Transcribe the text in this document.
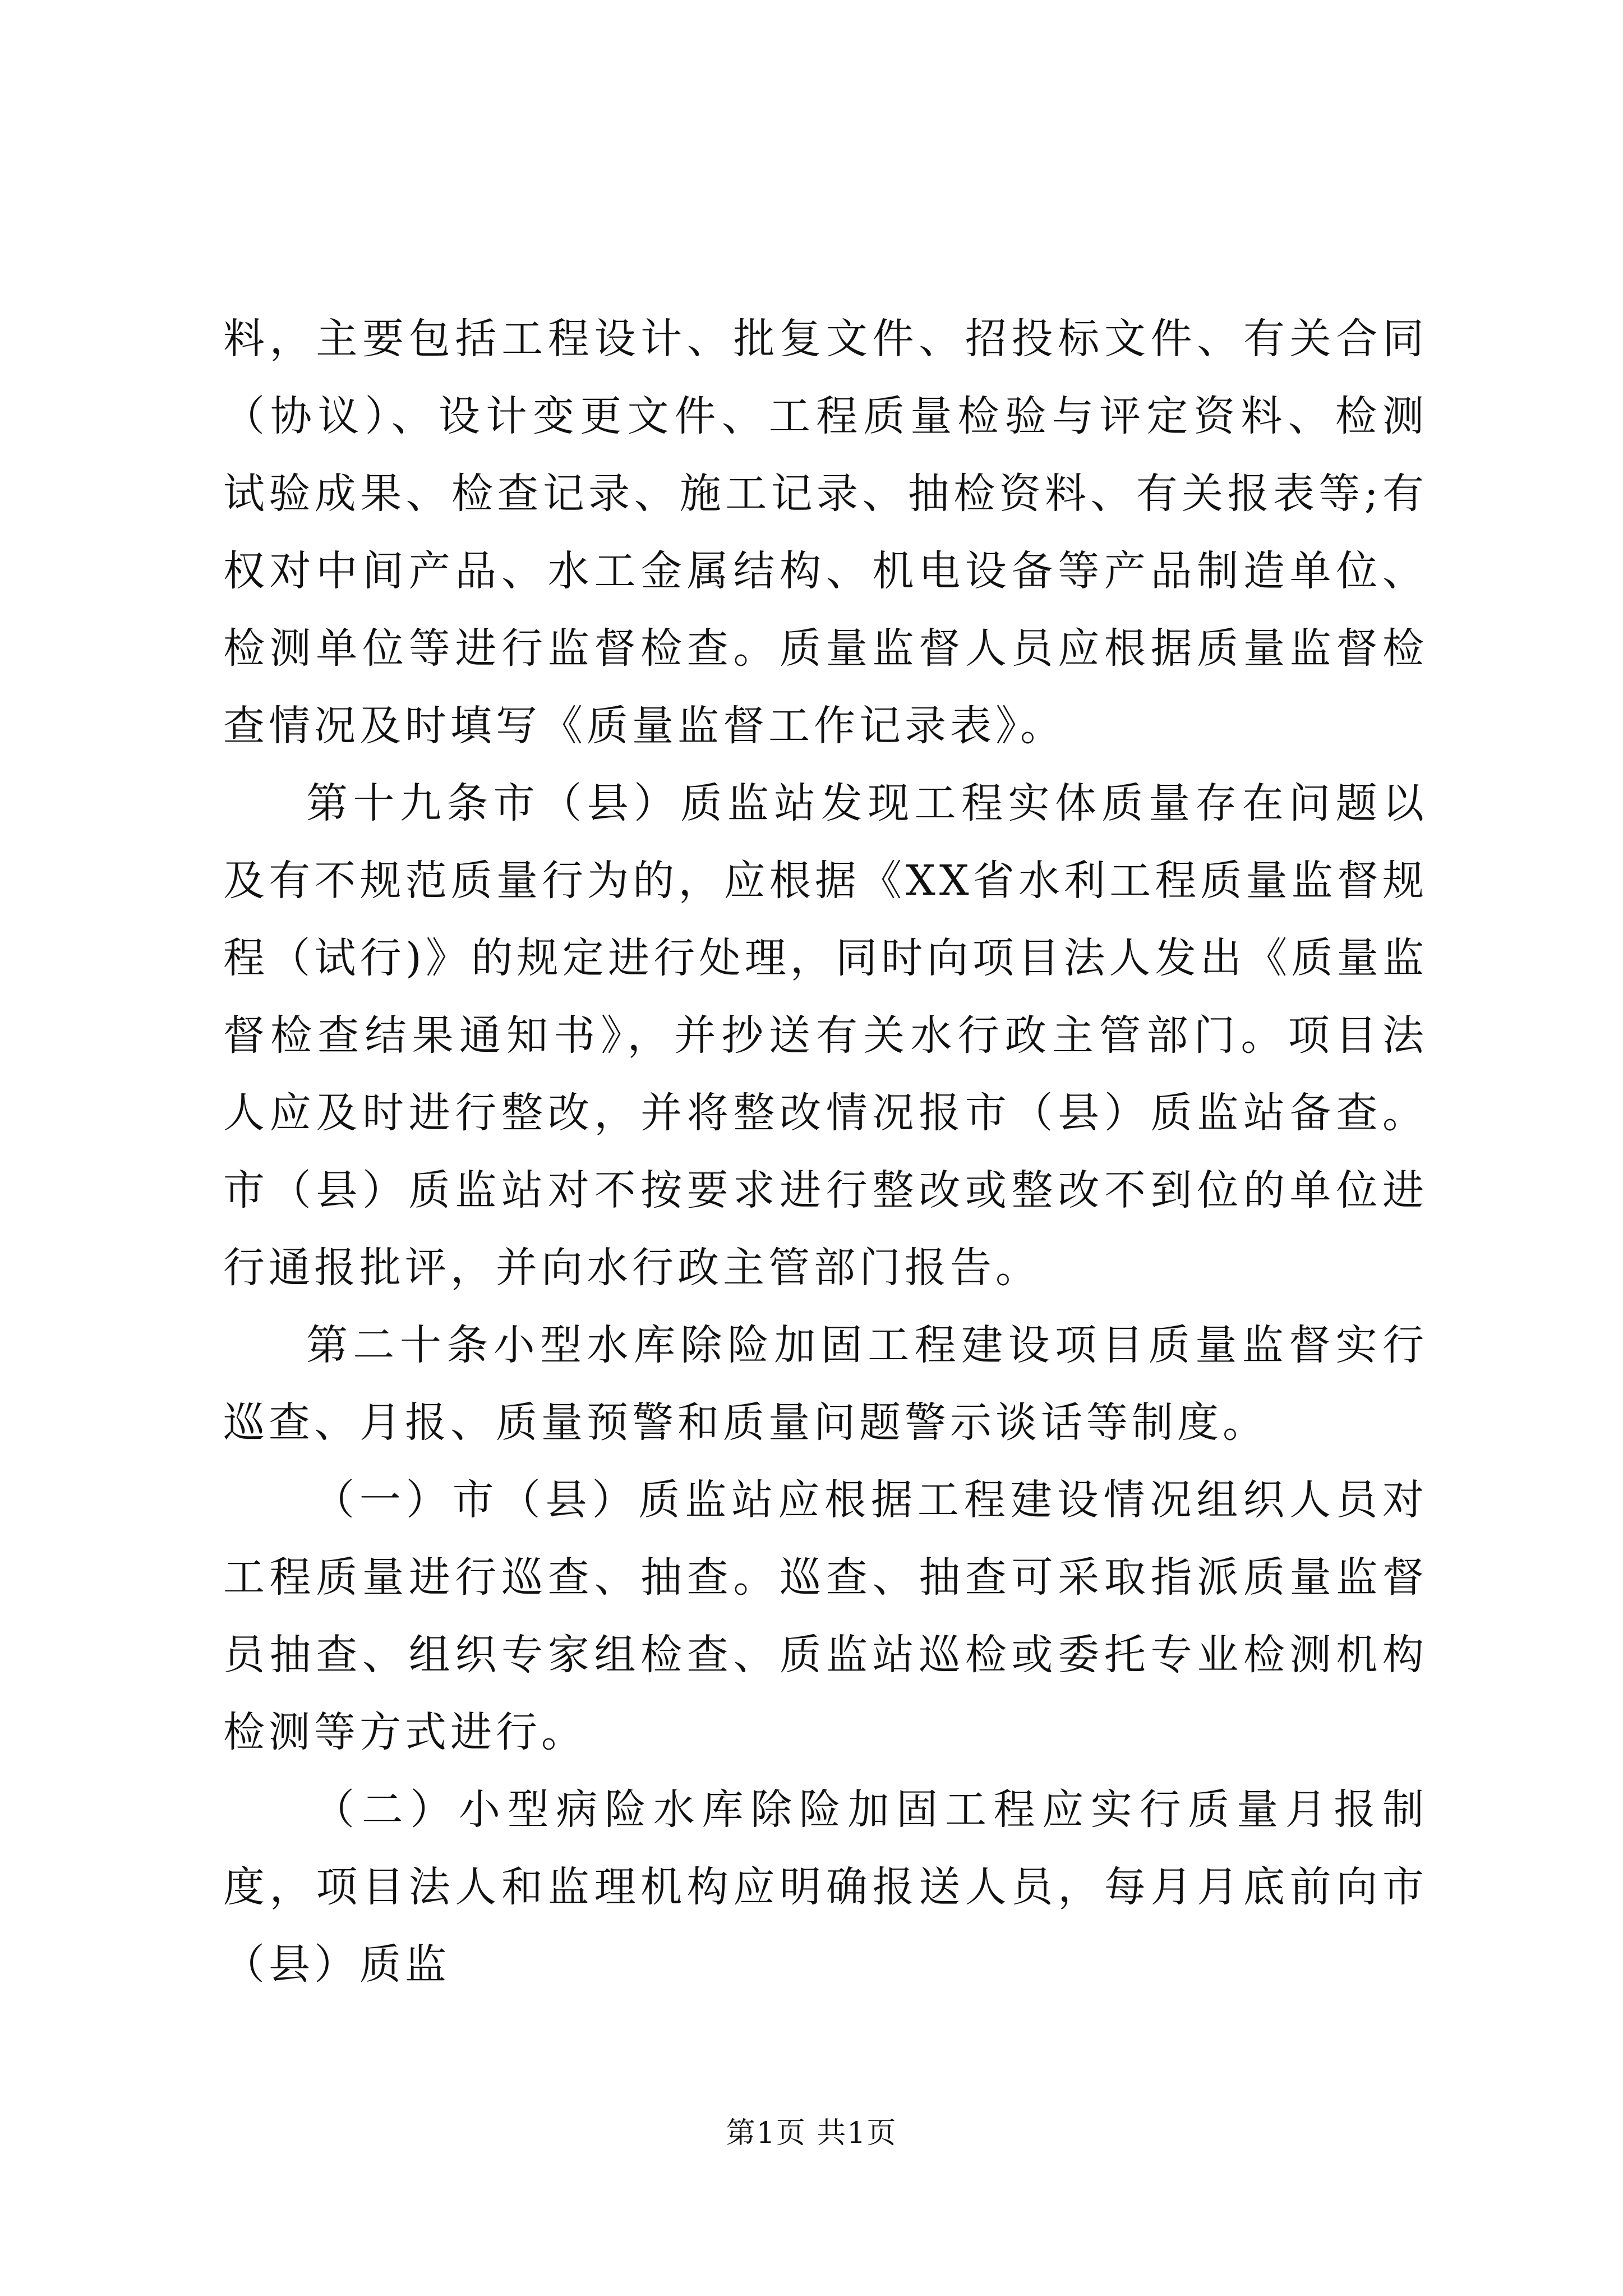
料，主要包括工程设计、批复文件、招投标文件、有关合同（协议）、设计变更文件、工程质量检验与评定资料、检测试验成果、检查记录、施工记录、抽检资料、有关报表等;有权对中间产品、水工金属结构、机电设备等产品制造单位、检测单位等进行监督检查。质量监督人员应根据质量监督检查情况及时填写《质量监督工作记录表》。

第十九条市（县）质监站发现工程实体质量存在问题以及有不规范质量行为的，应根据《XX省水利工程质量监督规程（试行)》的规定进行处理，同时向项目法人发出《质量监督检查结果通知书》，并抄送有关水行政主管部门。项目法人应及时进行整改，并将整改情况报市（县）质监站备查。市（县）质监站对不按要求进行整改或整改不到位的单位进行通报批评，并向水行政主管部门报告。

第二十条小型水库除险加固工程建设项目质量监督实行巡查、月报、质量预警和质量问题警示谈话等制度。

（一）市（县）质监站应根据工程建设情况组织人员对工程质量进行巡查、抽查。巡查、抽查可采取指派质量监督员抽查、组织专家组检查、质监站巡检或委托专业检测机构检测等方式进行。

（二）小型病险水库除险加固工程应实行质量月报制度，项目法人和监理机构应明确报送人员，每月月底前向市（县）质监

第1页 共1页
